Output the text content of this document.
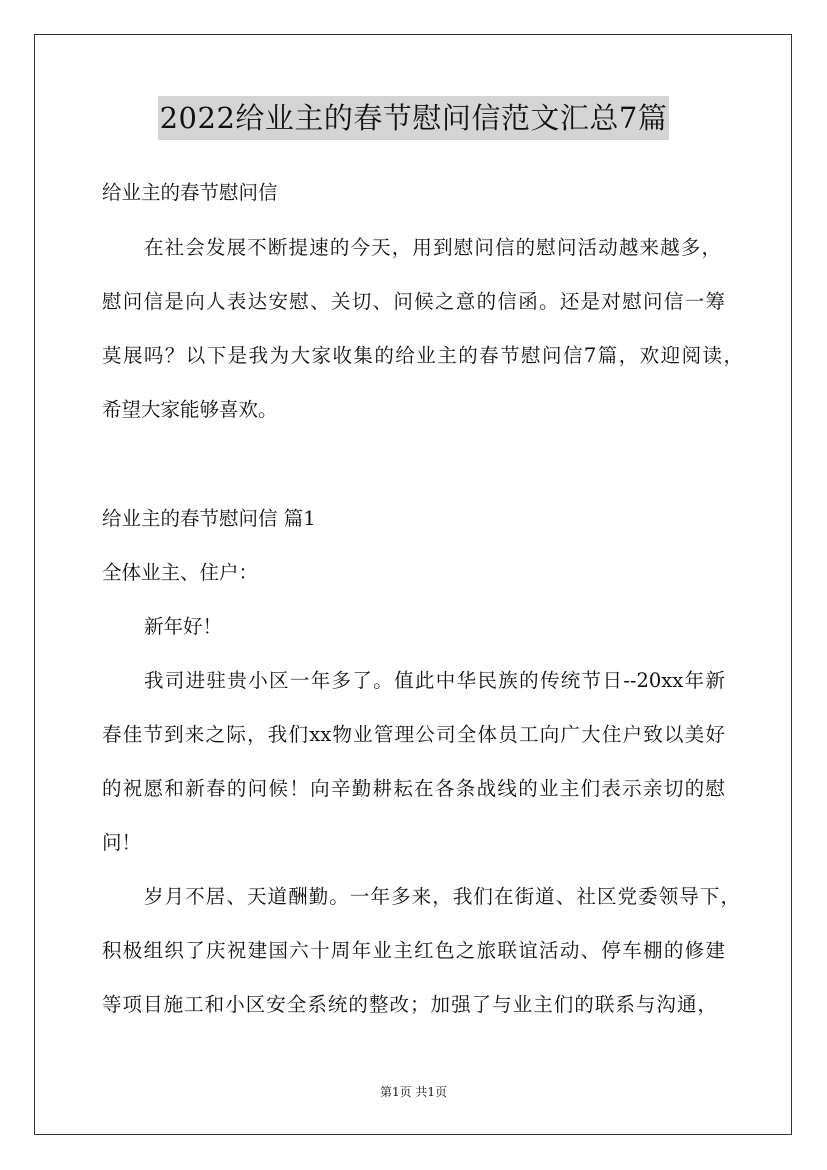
2022给业主的春节慰问信范文汇总7篇
给业主的春节慰问信
在社会发展不断提速的今天，用到慰问信的慰问活动越来越多，
慰问信是向人表达安慰、关切、问候之意的信函。还是对慰问信一筹
莫展吗？以下是我为大家收集的给业主的春节慰问信7篇，欢迎阅读，
希望大家能够喜欢。
给业主的春节慰问信 篇1
全体业主、住户：
新年好！
我司进驻贵小区一年多了。值此中华民族的传统节日--20xx年新
春佳节到来之际，我们xx物业管理公司全体员工向广大住户致以美好
的祝愿和新春的问候！向辛勤耕耘在各条战线的业主们表示亲切的慰
问！
岁月不居、天道酬勤。一年多来，我们在街道、社区党委领导下，
积极组织了庆祝建国六十周年业主红色之旅联谊活动、停车棚的修建
等项目施工和小区安全系统的整改；加强了与业主们的联系与沟通，
第1页 共1页
